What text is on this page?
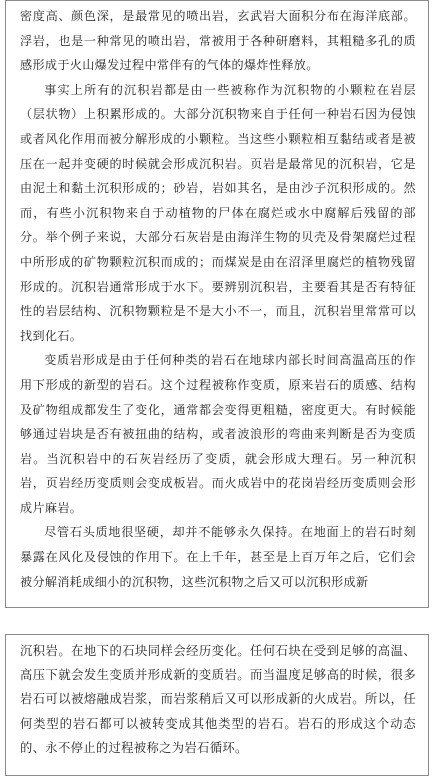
密度高、颜色深，是最常见的喷出岩，玄武岩大面积分布在海洋底部。浮岩，也是一种常见的喷出岩，常被用于各种研磨料，其粗糙多孔的质感形成于火山爆发过程中常伴有的气体的爆炸性释放。

事实上所有的沉积岩都是由一些被称作为沉积物的小颗粒在岩层（层状物）上积累形成的。大部分沉积物来自于任何一种岩石因为侵蚀或者风化作用而被分解形成的小颗粒。当这些小颗粒相互黏结或者是被压在一起并变硬的时候就会形成沉积岩。页岩是最常见的沉积岩，它是由泥土和黏土沉积形成的；砂岩，岩如其名，是由沙子沉积形成的。然而，有些小沉积物来自于动植物的尸体在腐烂或水中腐解后残留的部分。举个例子来说，大部分石灰岩是由海洋生物的贝壳及骨架腐烂过程中所形成的矿物颗粒沉积而成的；而煤炭是由在沼泽里腐烂的植物残留形成的。沉积岩通常形成于水下。要辨别沉积岩，主要看其是否有特征性的岩层结构、沉积物颗粒是不是大小不一，而且，沉积岩里常常可以找到化石。

变质岩形成是由于任何种类的岩石在地球内部长时间高温高压的作用下形成的新型的岩石。这个过程被称作变质，原来岩石的质感、结构及矿物组成都发生了变化，通常都会变得更粗糙，密度更大。有时候能够通过岩块是否有被扭曲的结构，或者波浪形的弯曲来判断是否为变质岩。当沉积岩中的石灰岩经历了变质，就会形成大理石。另一种沉积岩，页岩经历变质则会变成板岩。而火成岩中的花岗岩经历变质则会形成片麻岩。

尽管石头质地很坚硬，却并不能够永久保持。在地面上的岩石时刻暴露在风化及侵蚀的作用下。在上千年，甚至是上百万年之后，它们会被分解消耗成细小的沉积物，这些沉积物之后又可以沉积形成新

沉积岩。在地下的石块同样会经历变化。任何石块在受到足够的高温、高压下就会发生变质并形成新的变质岩。而当温度足够高的时候，很多岩石可以被熔融成岩浆，而岩浆稍后又可以形成新的火成岩。所以，任何类型的岩石都可以被转变成其他类型的岩石。岩石的形成这个动态的、永不停止的过程被称之为岩石循环。
